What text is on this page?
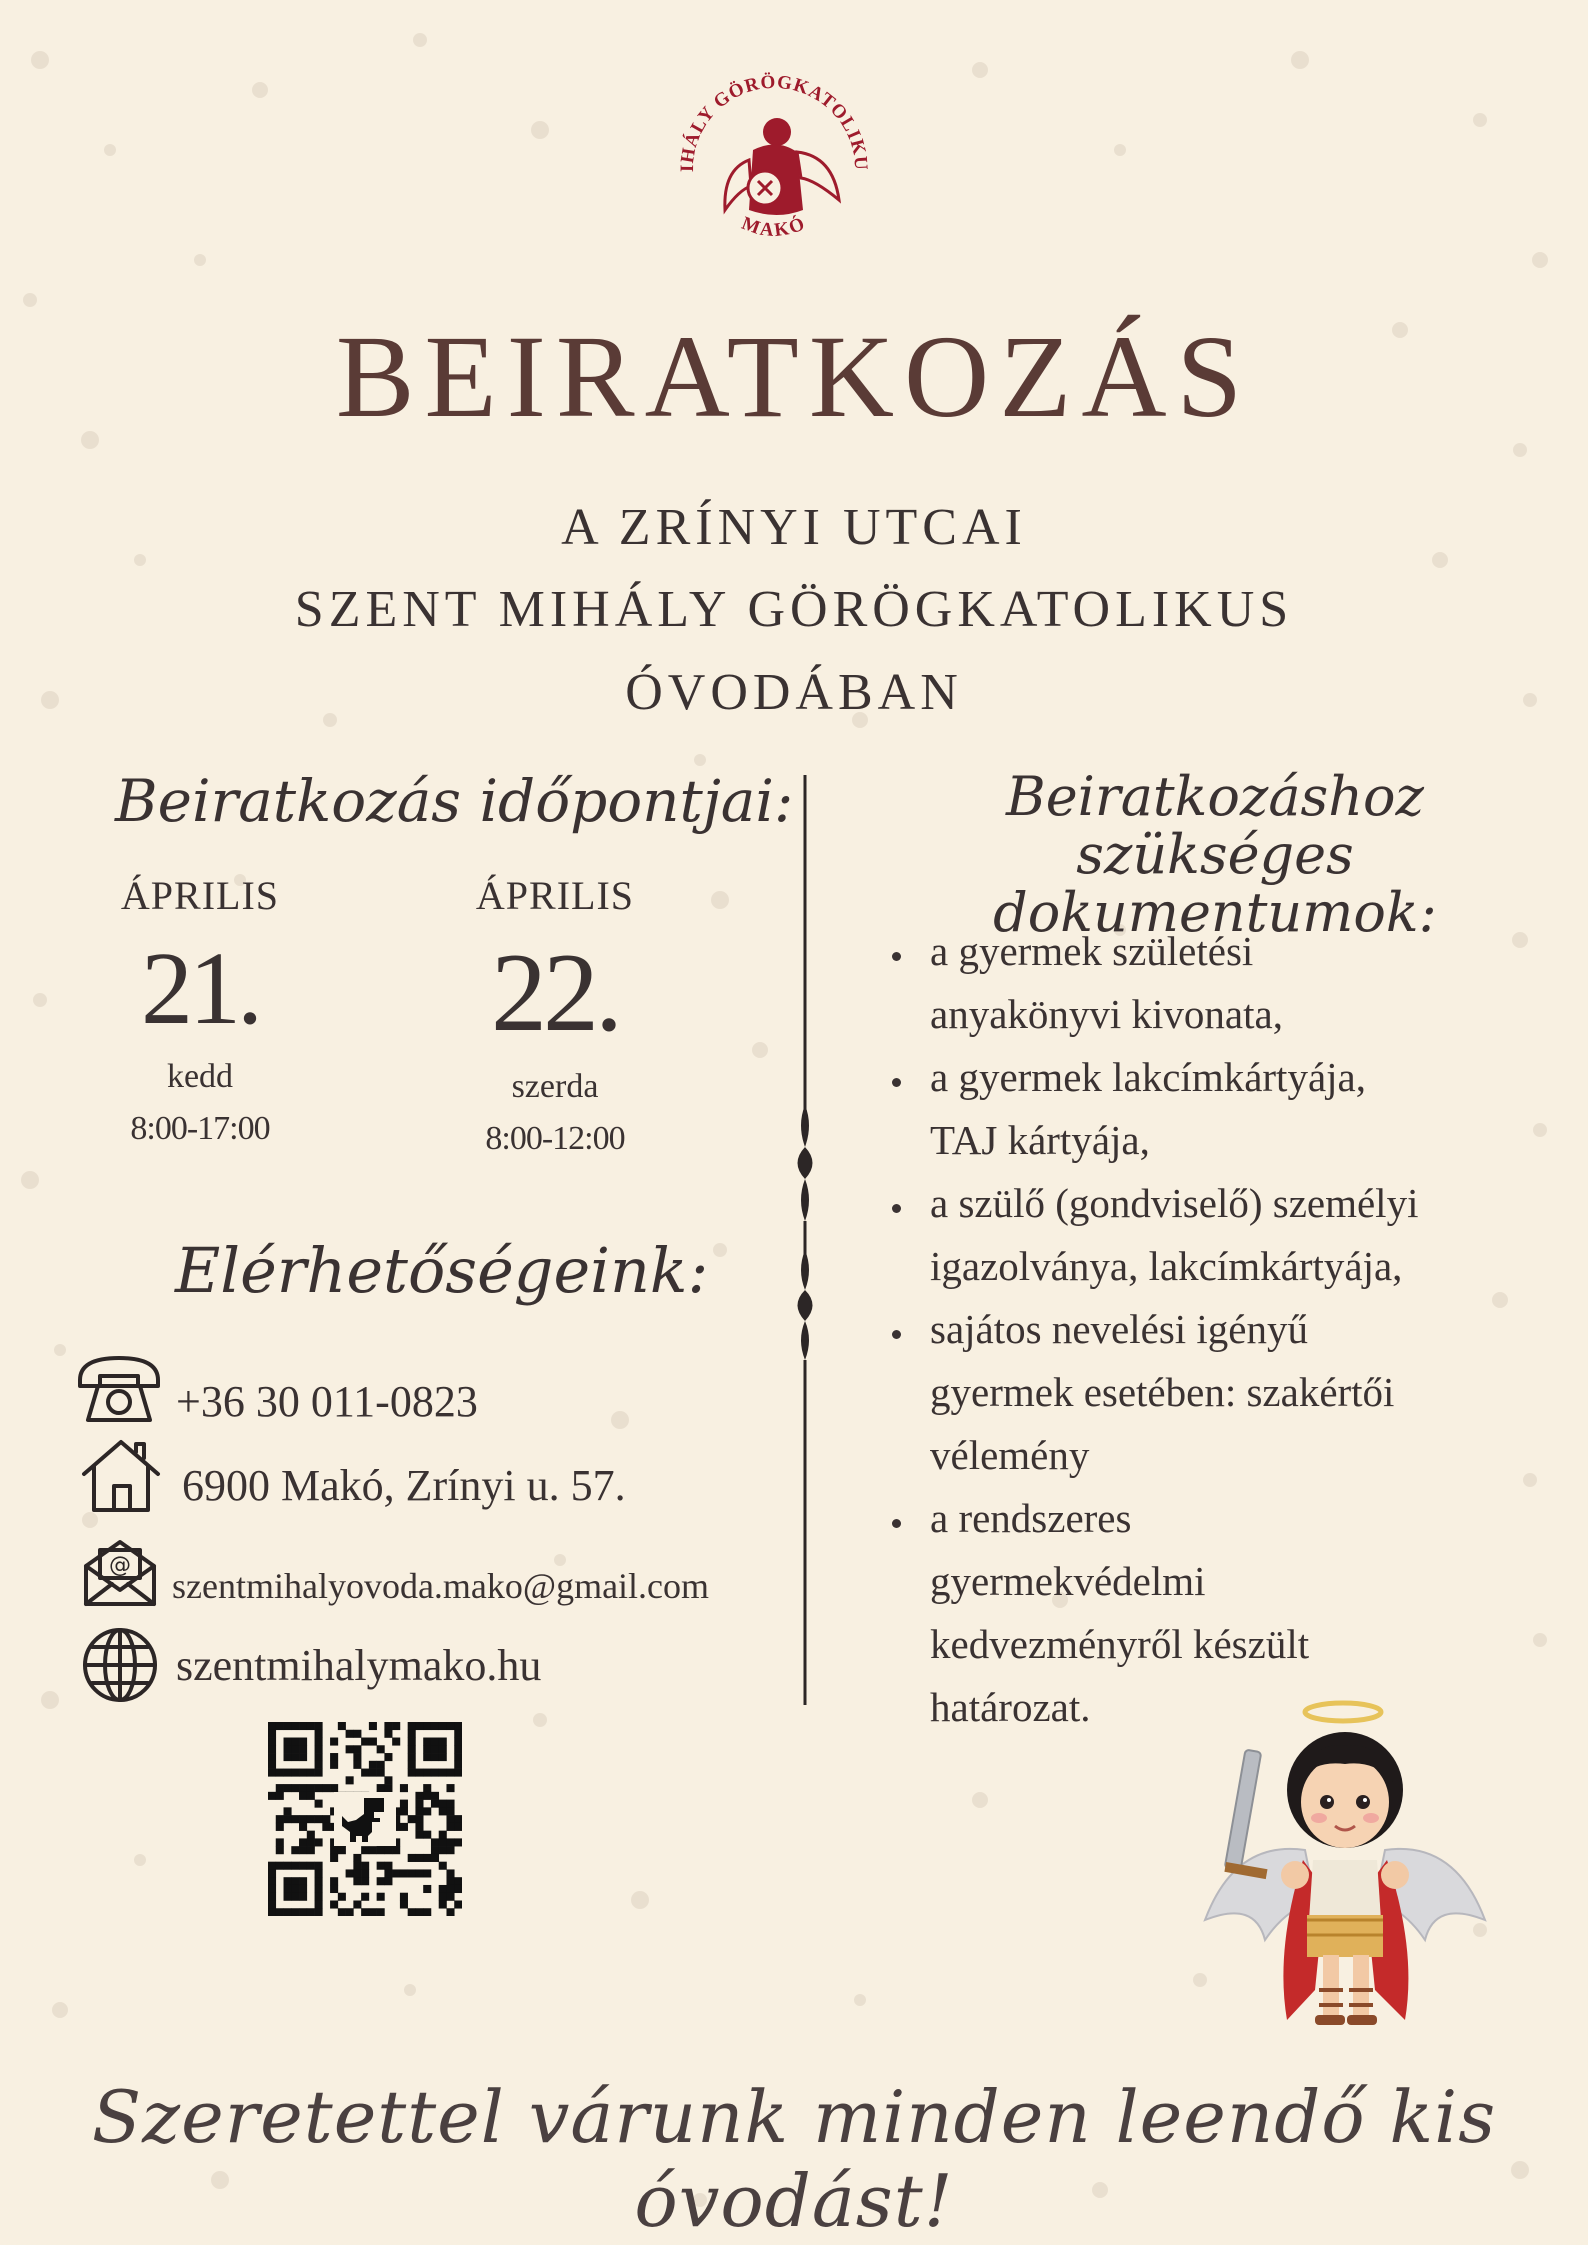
IHÁLY GÖRÖGKATOLIKU
MAKÓ
BEIRATKOZÁS
A ZRÍNYI UTCAI
SZENT MIHÁLY GÖRÖGKATOLIKUS
ÓVODÁBAN
Beiratkozás időpontjai:
ÁPRILIS
21.
kedd
8:00-17:00
ÁPRILIS
22.
szerda
8:00-12:00
Elérhetőségeink:
+36 30 011-0823
6900 Makó, Zrínyi u. 57.
@
szentmihalyovoda.mako@gmail.com
szentmihalymako.hu
Beiratkozáshoz szükséges
dokumentumok:
• a gyermek születési
anyakönyvi kivonata,
• a gyermek lakcímkártyája,
TAJ kártyája,
• a szülő (gondviselő) személyi
igazolványa, lakcímkártyája,
• sajátos nevelési igényű
gyermek esetében: szakértői
vélemény
• a rendszeres
gyermekvédelmi
kedvezményről készült
határozat.
Szeretettel várunk minden leendő kis óvodást!
